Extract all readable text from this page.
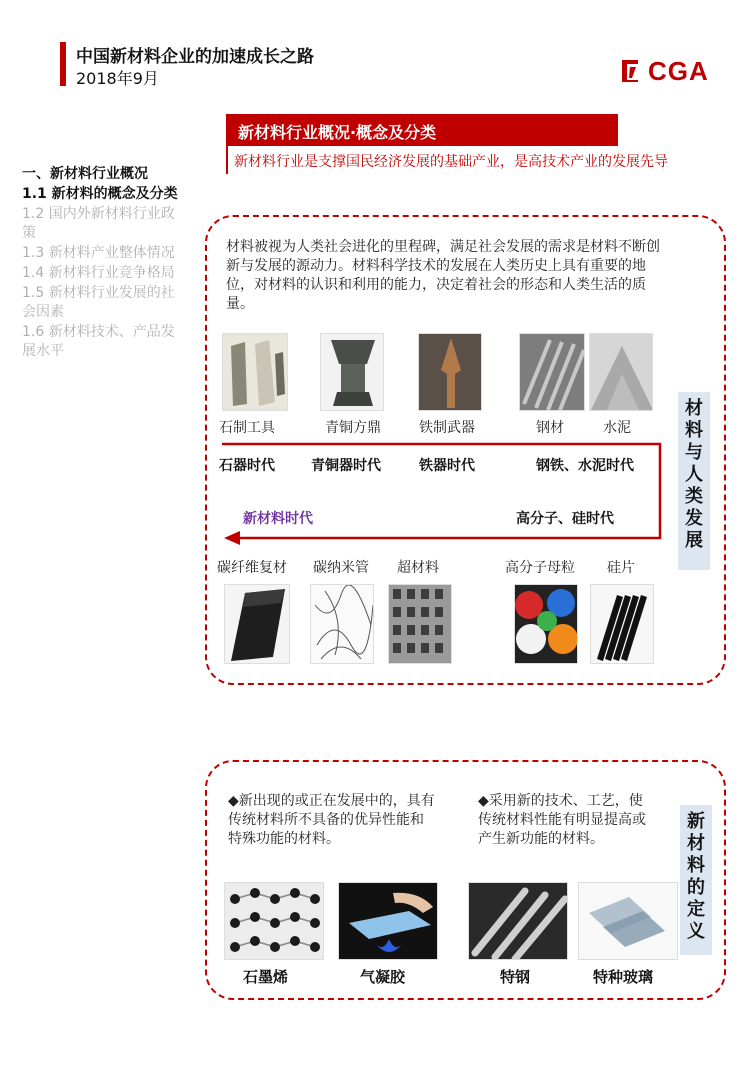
中国新材料企业的加速成长之路
2018年9月	CGA
一、新材料行业概况
1.1 新材料的概念及分类
1.2 国内外新材料行业政策
1.3 新材料产业整体情况
1.4 新材料行业竞争格局
1.5 新材料行业发展的社会因素
1.6 新材料技术、产品发展水平
新材料行业概况·概念及分类
新材料行业是支撑国民经济发展的基础产业，是高技术产业的发展先导
材料被视为人类社会进化的里程碑，满足社会发展的需求是材料不断创新与发展的源动力。材料科学技术的发展在人类历史上具有重要的地位，对材料的认识和利用的能力，决定着社会的形态和人类生活的质量。
石制工具	青铜方鼎	铁制武器	钢材	水泥
石器时代	青铜器时代	铁器时代	钢铁、水泥时代
新材料时代	高分子、硅时代
碳纤维复材 碳纳米管 超材料	高分子母粒 硅片
材料与人类发展
◆新出现的或正在发展中的，具有传统材料所不具备的优异性能和特殊功能的材料。
◆采用新的技术、工艺，使传统材料性能有明显提高或产生新功能的材料。
石墨烯	气凝胶	特钢	特种玻璃
新材料的定义
